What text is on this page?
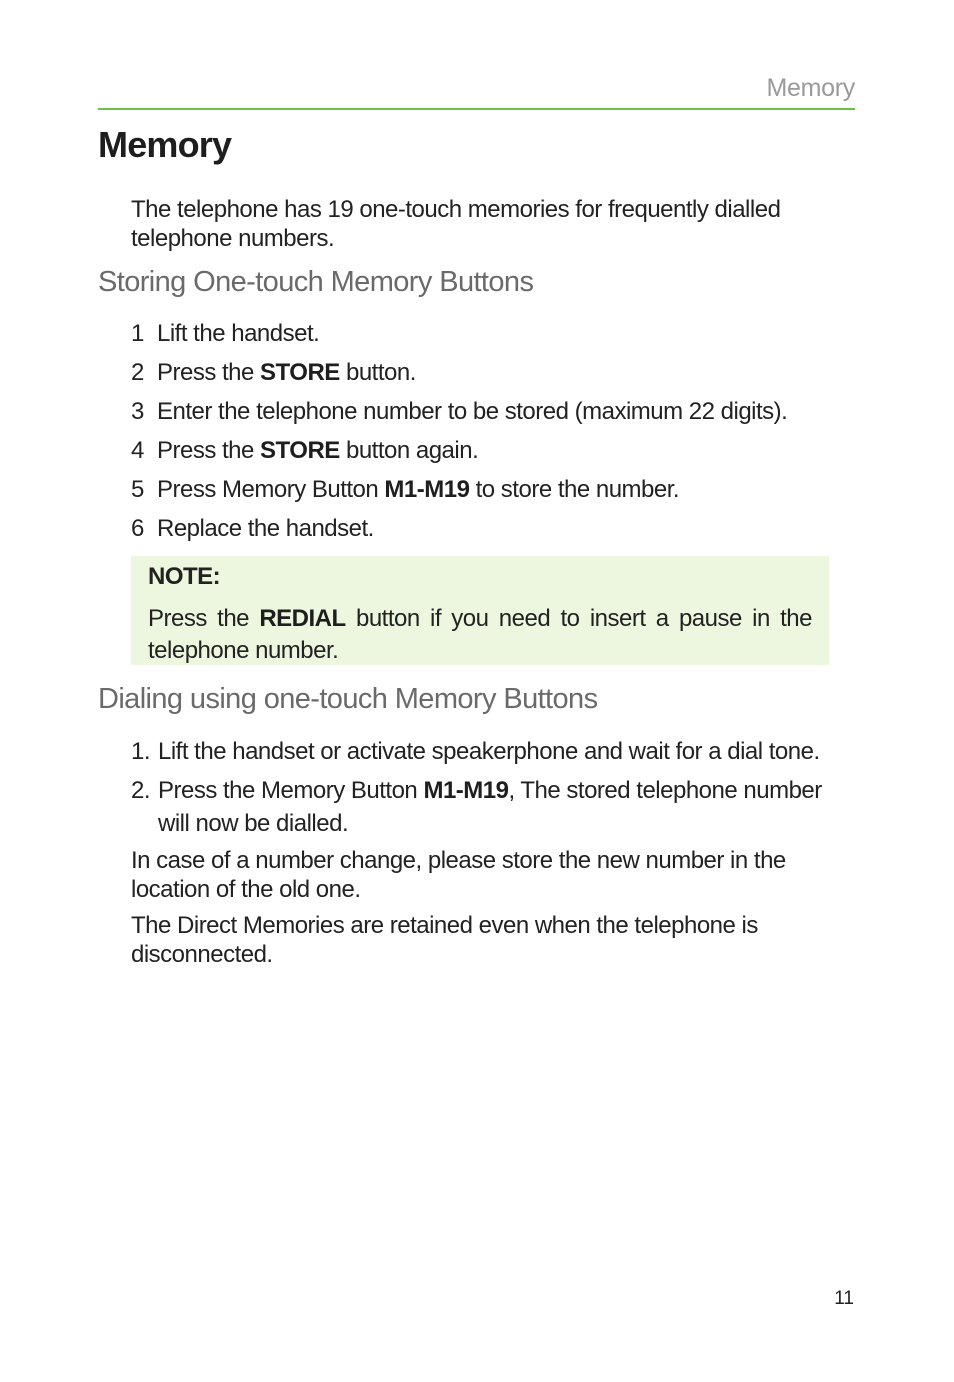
Memory
Memory

The telephone has 19 one-touch memories for frequently dialled telephone numbers.

Storing One-touch Memory Buttons
1 Lift the handset.
2 Press the STORE button.
3 Enter the telephone number to be stored (maximum 22 digits).
4 Press the STORE button again.
5 Press Memory Button M1-M19 to store the number.
6 Replace the handset.

NOTE:

Press the REDIAL button if you need to insert a pause in the telephone number.

Dialing using one-touch Memory Buttons
1. Lift the handset or activate speakerphone and wait for a dial tone.
2. Press the Memory Button M1-M19, The stored telephone number will now be dialled.

In case of a number change, please store the new number in the location of the old one.

The Direct Memories are retained even when the telephone is disconnected.

11
